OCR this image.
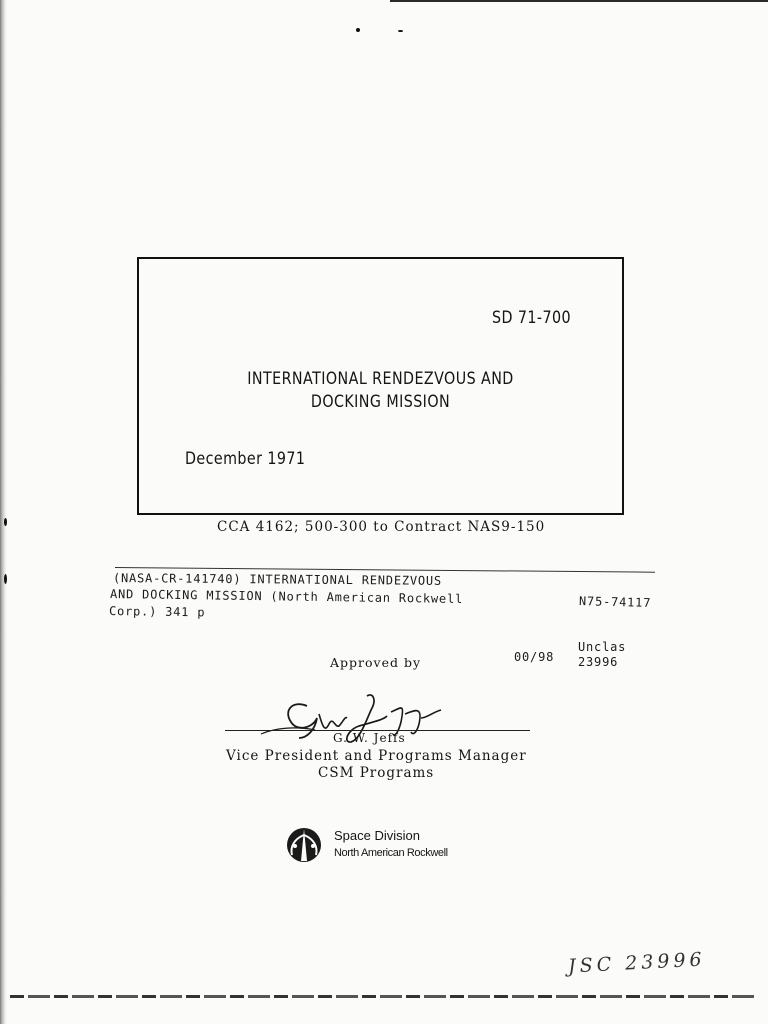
SD 71-700
INTERNATIONAL RENDEZVOUS AND
DOCKING MISSION
December 1971
CCA 4162; 500-300 to Contract NAS9-150
(NASA-CR-141740) INTERNATIONAL RENDEZVOUS
AND DOCKING MISSION (North American Rockwell
Corp.) 341 p
N75-74117
Unclas
00/98 23996
Approved by
G. W. Jeffs
Vice President and Programs Manager
CSM Programs
Space Division
North American Rockwell
JSC 23996
